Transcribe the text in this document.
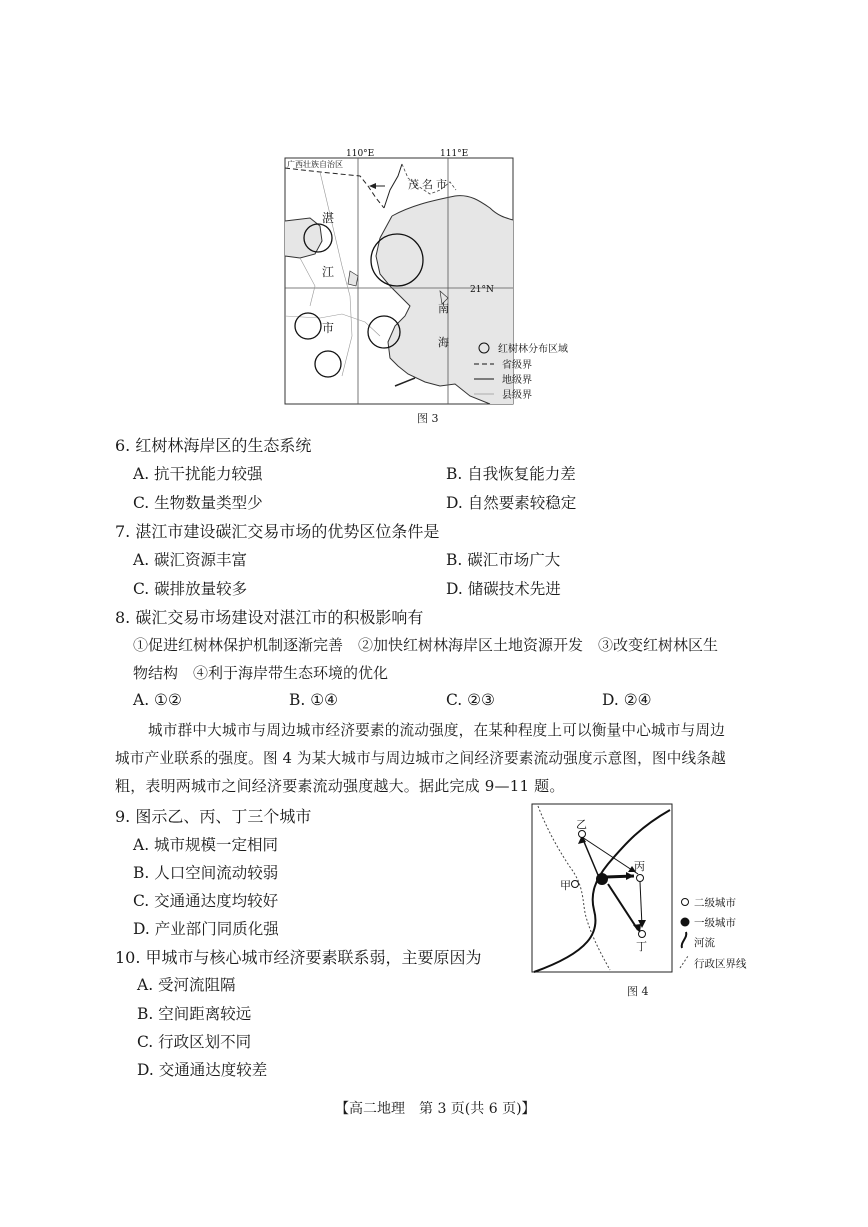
110°E	111°E
21°N
广西壮族自治区
茂名市
湛
江
市
南
海
红树林分布区域
省级界
地级界
县级界
图 3
6. 红树林海岸区的生态系统
A. 抗干扰能力较强	B. 自我恢复能力差
C. 生物数量类型少	D. 自然要素较稳定
7. 湛江市建设碳汇交易市场的优势区位条件是
A. 碳汇资源丰富	B. 碳汇市场广大
C. 碳排放量较多	D. 储碳技术先进
8. 碳汇交易市场建设对湛江市的积极影响有
①促进红树林保护机制逐渐完善　②加快红树林海岸区土地资源开发　③改变红树林区生
物结构　④利于海岸带生态环境的优化
A. ①②	B. ①④	C. ②③	D. ②④
城市群中大城市与周边城市经济要素的流动强度，在某种程度上可以衡量中心城市与周边
城市产业联系的强度。图 4 为某大城市与周边城市之间经济要素流动强度示意图，图中线条越
粗，表明两城市之间经济要素流动强度越大。据此完成 9—11 题。
9. 图示乙、丙、丁三个城市
A. 城市规模一定相同
B. 人口空间流动较弱
C. 交通通达度均较好
D. 产业部门同质化强
10. 甲城市与核心城市经济要素联系弱，主要原因为
A. 受河流阻隔
B. 空间距离较远
C. 行政区划不同
D. 交通通达度较差
乙
丙
甲
丁
二级城市
一级城市
河流
行政区界线
图 4
【高二地理　第 3 页(共 6 页)】
